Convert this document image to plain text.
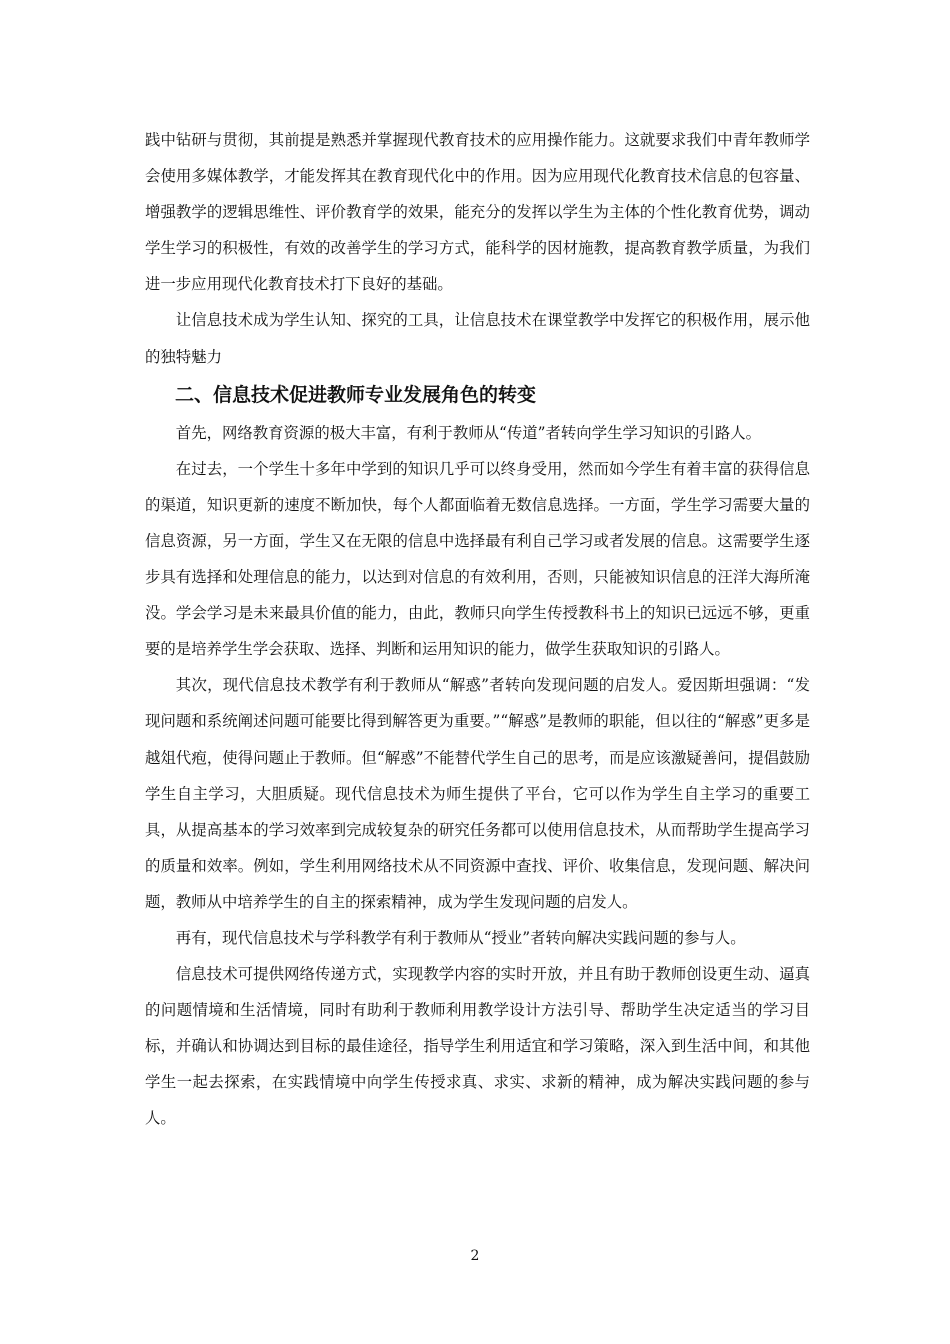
践中钻研与贯彻，其前提是熟悉并掌握现代教育技术的应用操作能力。这就要求我们中青年教师学会使用多媒体教学，才能发挥其在教育现代化中的作用。因为应用现代化教育技术信息的包容量、增强教学的逻辑思维性、评价教育学的效果，能充分的发挥以学生为主体的个性化教育优势，调动学生学习的积极性，有效的改善学生的学习方式，能科学的因材施教，提高教育教学质量，为我们进一步应用现代化教育技术打下良好的基础。

让信息技术成为学生认知、探究的工具，让信息技术在课堂教学中发挥它的积极作用，展示他的独特魅力

二、信息技术促进教师专业发展角色的转变

首先，网络教育资源的极大丰富，有利于教师从“传道”者转向学生学习知识的引路人。

在过去，一个学生十多年中学到的知识几乎可以终身受用，然而如今学生有着丰富的获得信息的渠道，知识更新的速度不断加快，每个人都面临着无数信息选择。一方面，学生学习需要大量的信息资源，另一方面，学生又在无限的信息中选择最有利自己学习或者发展的信息。这需要学生逐步具有选择和处理信息的能力，以达到对信息的有效利用，否则，只能被知识信息的汪洋大海所淹没。学会学习是未来最具价值的能力，由此，教师只向学生传授教科书上的知识已远远不够，更重要的是培养学生学会获取、选择、判断和运用知识的能力，做学生获取知识的引路人。

其次，现代信息技术教学有利于教师从“解惑”者转向发现问题的启发人。爱因斯坦强调：“发现问题和系统阐述问题可能要比得到解答更为重要。”“解惑”是教师的职能，但以往的“解惑”更多是越俎代疱，使得问题止于教师。但“解惑”不能替代学生自己的思考，而是应该激疑善问，提倡鼓励学生自主学习，大胆质疑。现代信息技术为师生提供了平台，它可以作为学生自主学习的重要工具，从提高基本的学习效率到完成较复杂的研究任务都可以使用信息技术，从而帮助学生提高学习的质量和效率。例如，学生利用网络技术从不同资源中查找、评价、收集信息，发现问题、解决问题，教师从中培养学生的自主的探索精神，成为学生发现问题的启发人。

再有，现代信息技术与学科教学有利于教师从“授业”者转向解决实践问题的参与人。

信息技术可提供网络传递方式，实现教学内容的实时开放，并且有助于教师创设更生动、逼真的问题情境和生活情境，同时有助利于教师利用教学设计方法引导、帮助学生决定适当的学习目标，并确认和协调达到目标的最佳途径，指导学生利用适宜和学习策略，深入到生活中间，和其他学生一起去探索，在实践情境中向学生传授求真、求实、求新的精神，成为解决实践问题的参与人。

2
